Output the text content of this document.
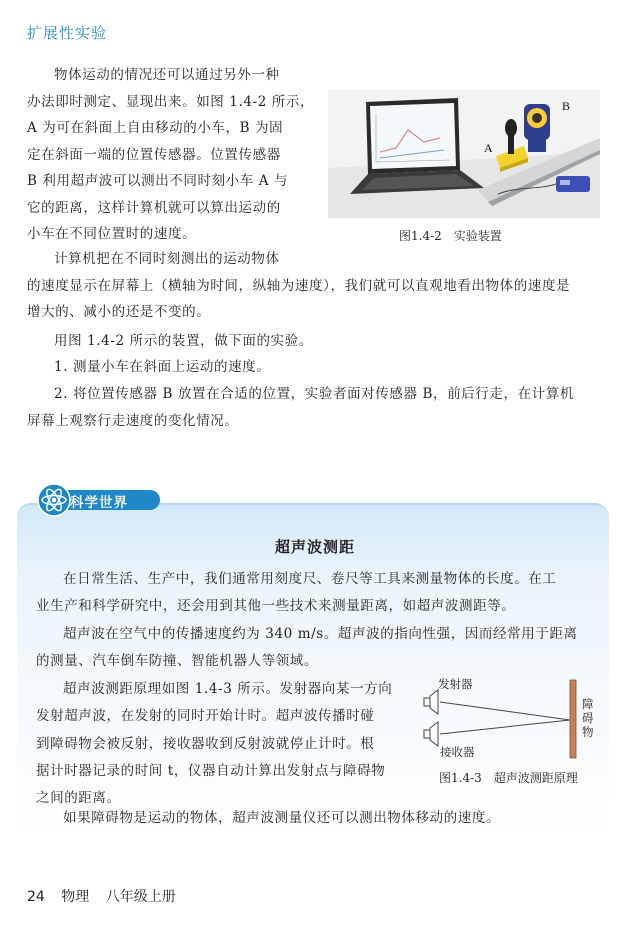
扩展性实验
物体运动的情况还可以通过另外一种
办法即时测定、显现出来。如图 1.4-2 所示，
A 为可在斜面上自由移动的小车，B 为固
定在斜面一端的位置传感器。位置传感器
B 利用超声波可以测出不同时刻小车 A 与
它的距离，这样计算机就可以算出运动的
小车在不同位置时的速度。
B
A
图1.4-2　实验装置
计算机把在不同时刻测出的运动物体
的速度显示在屏幕上（横轴为时间，纵轴为速度），我们就可以直观地看出物体的速度是
增大的、减小的还是不变的。
用图 1.4-2 所示的装置，做下面的实验。
1. 测量小车在斜面上运动的速度。
2. 将位置传感器 B 放置在合适的位置，实验者面对传感器 B，前后行走，在计算机
屏幕上观察行走速度的变化情况。
科学世界
超声波测距
在日常生活、生产中，我们通常用刻度尺、卷尺等工具来测量物体的长度。在工
业生产和科学研究中，还会用到其他一些技术来测量距离，如超声波测距等。
超声波在空气中的传播速度约为 340 m/s。超声波的指向性强，因而经常用于距离
的测量、汽车倒车防撞、智能机器人等领域。
超声波测距原理如图 1.4-3 所示。发射器向某一方向
发射超声波，在发射的同时开始计时。超声波传播时碰
到障碍物会被反射，接收器收到反射波就停止计时。根
据计时器记录的时间 t，仪器自动计算出发射点与障碍物
之间的距离。
发射器
接收器
障
碍
物
图1.4-3　超声波测距原理
如果障碍物是运动的物体，超声波测量仪还可以测出物体移动的速度。
24 物理 八年级上册
